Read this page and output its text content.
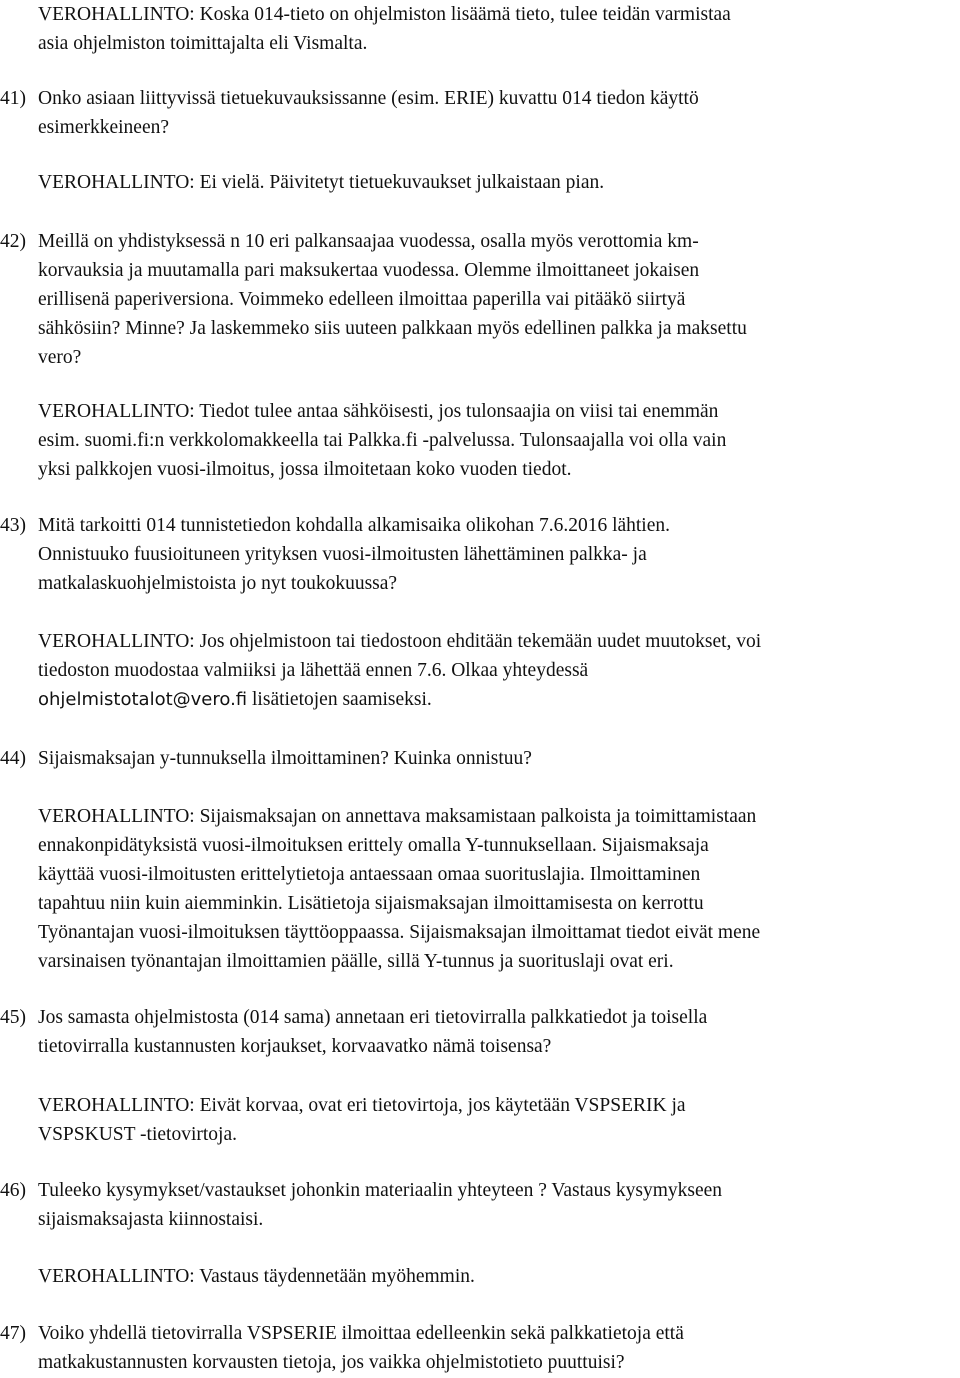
VEROHALLINTO: Koska 014-tieto on ohjelmiston lisäämä tieto, tulee teidän varmistaa
asia ohjelmiston toimittajalta eli Vismalta.
41) Onko asiaan liittyvissä tietuekuvauksissanne (esim. ERIE) kuvattu 014 tiedon käyttö
esimerkkeineen?
VEROHALLINTO: Ei vielä. Päivitetyt tietuekuvaukset julkaistaan pian.
42) Meillä on yhdistyksessä n 10 eri palkansaajaa vuodessa, osalla myös verottomia km-
korvauksia ja muutamalla pari maksukertaa vuodessa. Olemme ilmoittaneet jokaisen
erillisenä paperiversiona. Voimmeko edelleen ilmoittaa paperilla vai pitääkö siirtyä
sähkösiin? Minne? Ja laskemmeko siis uuteen palkkaan myös edellinen palkka ja maksettu
vero?
VEROHALLINTO: Tiedot tulee antaa sähköisesti, jos tulonsaajia on viisi tai enemmän
esim. suomi.fi:n verkkolomakkeella tai Palkka.fi -palvelussa. Tulonsaajalla voi olla vain
yksi palkkojen vuosi-ilmoitus, jossa ilmoitetaan koko vuoden tiedot.
43) Mitä tarkoitti 014 tunnistetiedon kohdalla alkamisaika olikohan 7.6.2016 lähtien.
Onnistuuko fuusioituneen yrityksen vuosi-ilmoitusten lähettäminen palkka- ja
matkalaskuohjelmistoista jo nyt toukokuussa?
VEROHALLINTO: Jos ohjelmistoon tai tiedostoon ehditään tekemään uudet muutokset, voi
tiedoston muodostaa valmiiksi ja lähettää ennen 7.6. Olkaa yhteydessä
ohjelmistotalot@vero.fi lisätietojen saamiseksi.
44) Sijaismaksajan y-tunnuksella ilmoittaminen? Kuinka onnistuu?
VEROHALLINTO: Sijaismaksajan on annettava maksamistaan palkoista ja toimittamistaan
ennakonpidätyksistä vuosi-ilmoituksen erittely omalla Y-tunnuksellaan. Sijaismaksaja
käyttää vuosi-ilmoitusten erittelytietoja antaessaan omaa suorituslajia. Ilmoittaminen
tapahtuu niin kuin aiemminkin. Lisätietoja sijaismaksajan ilmoittamisesta on kerrottu
Työnantajan vuosi-ilmoituksen täyttöoppaassa. Sijaismaksajan ilmoittamat tiedot eivät mene
varsinaisen työnantajan ilmoittamien päälle, sillä Y-tunnus ja suorituslaji ovat eri.
45) Jos samasta ohjelmistosta (014 sama) annetaan eri tietovirralla palkkatiedot ja toisella
tietovirralla kustannusten korjaukset, korvaavatko nämä toisensa?
VEROHALLINTO: Eivät korvaa, ovat eri tietovirtoja, jos käytetään VSPSERIK ja
VSPSKUST -tietovirtoja.
46) Tuleeko kysymykset/vastaukset johonkin materiaalin yhteyteen ? Vastaus kysymykseen
sijaismaksajasta kiinnostaisi.
VEROHALLINTO: Vastaus täydennetään myöhemmin.
47) Voiko yhdellä tietovirralla VSPSERIE ilmoittaa edelleenkin sekä palkkatietoja että
matkakustannusten korvausten tietoja, jos vaikka ohjelmistotieto puuttuisi?
